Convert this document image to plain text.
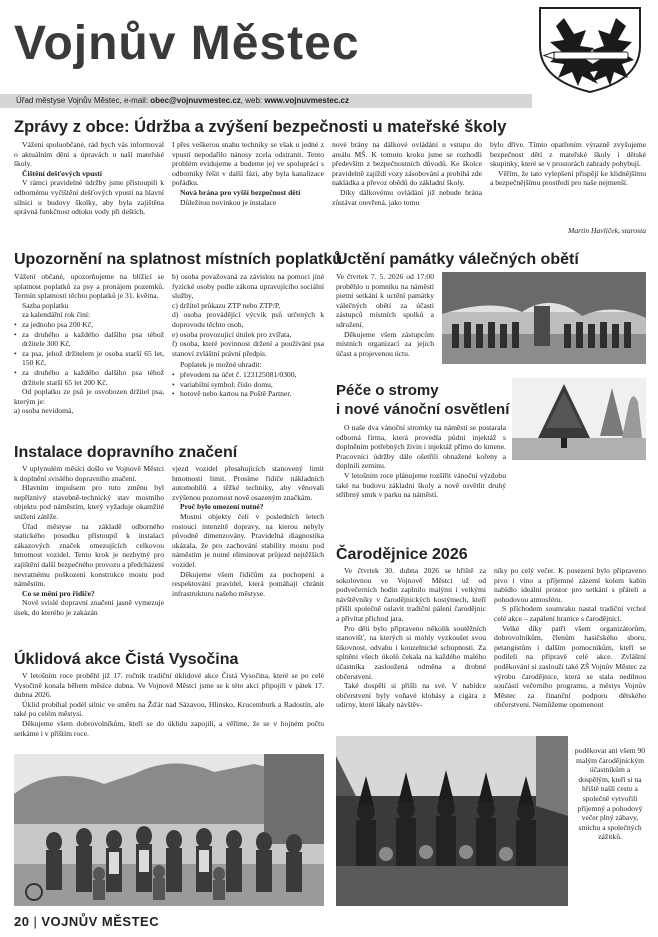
Vojnův Městec
Úřad městyse Vojnův Městec, e-mail: obec@vojnuvmestec.cz, web: www.vojnuvmestec.cz
Zprávy z obce: Údržba a zvýšení bezpečnosti u mateřské školy

Vážení spoluobčané, rád bych vás informoval o aktuálním dění a úpravách u naší mateřské školy.

Čištění dešťových vpustí

V rámci pravidelné údržby jsme přistoupili k odbornému vyčištění dešťových vpustí na hlavní silnici u budovy školky, aby byla zajištěna správná funkčnost odtoku vody při deštích.

I přes veškerou snahu techniky se však u jedné z vpustí nepodařilo nánosy zcela odstranit. Tento problém evidujeme a budeme jej ve spolupráci s odborníky řešit v další fázi, aby byla kanalizace pořádku.

Nová brána pro vyšší bezpečnost dětí

Důležitou novinkou je instalace

nové brány na dálkové ovládání u vstupu do areálu MŠ. K tomuto kroku jsme se rozhodli především z bezpečnostních důvodů. Ke školce pravidelně zajíždí vozy zásobování a probíhá zde nakládka a převoz obědů do základní školy.

Díky dálkovému ovládání již nebude brána zůstávat otevřená, jako tomu

bylo dříve. Tímto opatřením výrazně zvyšujeme bezpečnost dětí z mateřské školy i dětské skupinky, které se v prostorách zahrady pohybují.

Věřím, že tato vylepšení přispějí ke klidnějšímu a bezpečnějšímu prostředí pro naše nejmenší.

Martin Havlíček, starosta
Upozornění na splatnost místních poplatků

Vážení občané, upozorňujeme na blížící se splatnost poplatků za psy a pronájem pozemků. Termín splatnosti těchto poplatků je 31. května.

Sazba poplatku

za kalendářní rok činí:

• za jednoho psa 200 Kč,
• za druhého a každého dalšího psa téhož držitele 300 Kč,
• za psa, jehož držitelem je osoba starší 65 let, 150 Kč,
• za druhého a každého dalšího psa téhož držitele starší 65 let 200 Kč.

Od poplatku ze psů je osvobozen držitel psa, kterým je:

a) osoba nevidomá,

b) osoba považovaná za závislou na pomoci jiné fyzické osoby podle zákona upravujícího sociální služby,

c) držitel průkazu ZTP nebo ZTP/P,

d) osoba provádějící výcvik psů určených k doprovodu těchto osob,

e) osoba provozující útulek pro zvířata,

f) osoba, které povinnost držení a používání psa stanoví zvláštní právní předpis.

Poplatek je možné uhradit:

• převodem na účet č. 123125081/0300,
• variabilní symbol: číslo domu,
• hotově nebo kartou na Poště Partner.
Instalace dopravního značení

V uplynulém měsíci došlo ve Vojnově Městci k doplnění svislého dopravního značení.

Hlavním impulsem pro tuto změnu byl nepříznivý stavebně-technický stav mostního objektu pod náměstím, který vyžaduje okamžité snížení zátěže.

Úřad městyse na základě odborného statického posudku přistoupil k instalaci zákazových značek omezujících celkovou hmotnost vozidel. Tento krok je nezbytný pro zajištění další bezpečného provozu a předcházení nevratnému poškození konstrukce mostu pod náměstím.

Co se mění pro řidiče?

Nové svislé dopravní značení jasně vymezuje úsek, do kterého je zakázán

vjezd vozidel přesahujících stanovený limit hmotnosti limit. Prosíme řidiče nákladních automobilů a těžké techniky, aby věnovali zvýšenou pozornost nově osazeným značkám.

Proč bylo omezení nutné?

Mostní objekty čelí v posledních letech rostoucí intenzitě dopravy, na kterou nebyly původně dimenzovány. Pravidelná diagnostika ukázala, že pro zachování stability mostu pod náměstím je nutné eliminovat průjezd nejtěžších vozidel.

Děkujeme všem řidičům za pochopení a respektování pravidel, která pomáhají chránit infrastrukturu našeho městyse.

Úklidová akce Čistá Vysočina

V letošním roce proběhl již 17. ročník tradiční úklidové akce Čistá Vysočina, které se po celé Vysočině konala během měsíce dubna. Ve Vojnově Městci jsme se k této akci připojili v pátek 17. dubna 2026.

Úklid probíhal podél silnic ve směru na Žďár nad Sázavou, Hlinsko, Krucemburk a Radostín, ale také po celém městysi.

Děkujeme všem dobrovolníkům, kteří se do úklidu zapojili, a věříme, že se v hojném počtu setkáme i v příštím roce.

Uctění památky válečných obětí

Ve čtvrtek 7. 5. 2026 od 17:00 proběhlo u pomníku na náměstí pietní setkání k uctění památky válečných obětí za účasti zástupců místních spolků a sdružení.

Děkujeme všem zástupcům místních organizací za jejich účast a projevenou úctu.

Péče o stromy
i nové vánoční osvětlení

O naše dva vánoční stromky na náměstí se postarala odborná firma, která provedla půdní injektáž s doplněním potřebných živin i injektáž přímo do kmene. Pracovníci údržby dále ošetřili obnažené kořeny a doplnili zeminu.

V letošním roce plánujeme rozšířit vánoční výzdobu také na budovu základní školy a nově osvětlit druhý stříbrný smrk v parku na náměstí.

Čarodějnice 2026

Ve čtvrtek 30. dubna 2026 se hřiště za sokolovnou ve Vojnově Městci už od podvečerních hodin zaplnilo malými i velkými návštěvníky v čarodějnických kostýmech, kteří přišli společně oslavit tradiční pálení čarodějnic a přivítat příchod jara.

Pro děti bylo připraveno několik soutěžních stanovišť, na kterých si mohly vyzkoušet svou šikovnost, odvahu i kouzelnické schopnosti. Za splnění všech úkolů čekala na každého malého účastníka zasloužená odměna a drobné občerstvení.

Také dospělí si přišli na své. V nabídce občerstvení byly voňavé klobásy a cigára z udírny, které lákaly návštěv-

níky po celý večer. K posezení bylo připraveno pivo i víno a příjemné zázemí kolem kabin nabídlo ideální prostor pro setkání s přáteli a pohodovou atmosféru.

S příchodem soumraku nastal tradiční vrchol celé akce – zapálení hranice s čarodějnicí.

Velké díky patří všem organizátorům, dobrovolníkům, členům hasičského sboru, petangistům i dalším pomocníkům, kteří se podíleli na přípravě celé akce. Zvláštní poděkování si zaslouží také ZŠ Vojnův Městec za výrobu čarodějnice, která se stala nedílnou součástí večerního programu, a městys Vojnův Městec za finanční podporu dětského občerstvení. Nemůžeme opomenout

poděkovat ani všem 90 malým čarodějnickým účastníkům a dospělým, kteří si na hřiště našli cestu a společně vytvořili příjemný a pohodový večer plný zábavy, smíchu a společných zážitků.

20 | VOJNŮV MĚSTEC
